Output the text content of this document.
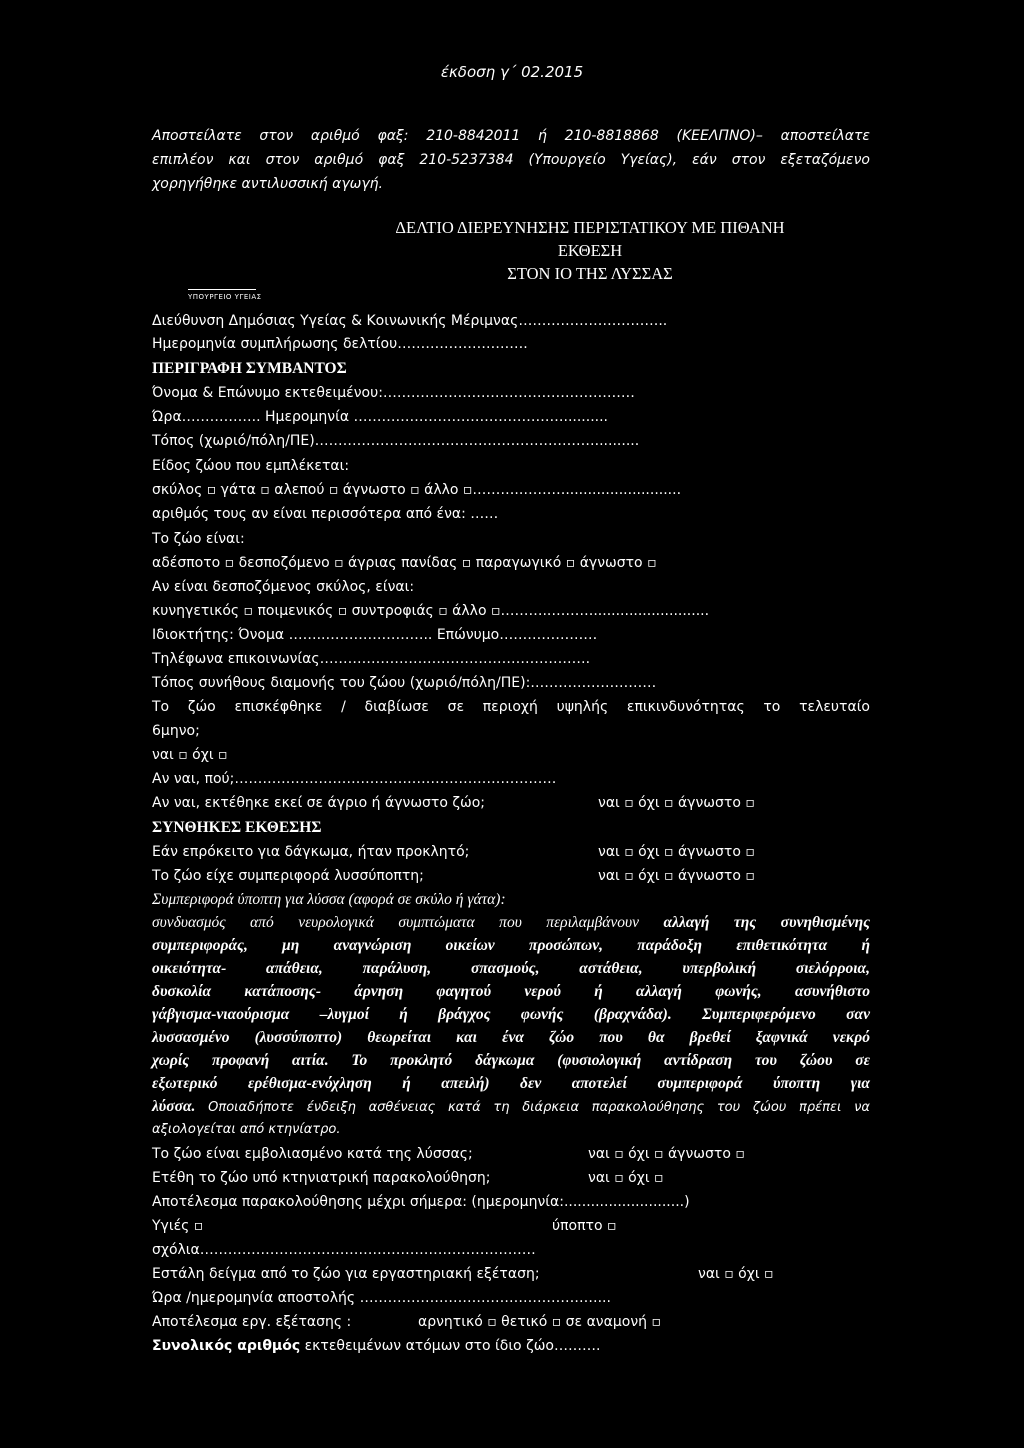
έκδοση γ΄ 02.2015
Αποστείλατε στον αριθμό φαξ: 210-8842011 ή 210-8818868 (ΚΕΕΛΠΝΟ)– αποστείλατε
επιπλέον και στον αριθμό φαξ 210-5237384 (Υπουργείο Υγείας), εάν στον εξεταζόμενο
χορηγήθηκε αντιλυσσική αγωγή.
ΔΕΛΤΙΟ ΔΙΕΡΕΥΝΗΣΗΣ ΠΕΡΙΣΤΑΤΙΚΟΥ ΜΕ ΠΙΘΑΝΗ
ΕΚΘΕΣΗ
ΣΤΟΝ ΙΟ ΤΗΣ ΛΥΣΣΑΣ
ΥΠΟΥΡΓΕΙΟ ΥΓΕΙΑΣ
Διεύθυνση Δημόσιας Υγείας & Κοινωνικής Μέριμνας…………………………..
Ημερομηνία συμπλήρωσης δελτίου……………………….
ΠΕΡΙΓΡΑΦΗ ΣΥΜΒΑΝΤΟΣ
Όνομα & Επώνυμο εκτεθειμένου:………………………………………………
Ώρα…………….. Ημερομηνία ………………………………………..........
Τόπος (χωριό/πόλη/ΠΕ)……………………………………………………..........
Είδος ζώου που εμπλέκεται:
σκύλος ▫ γάτα ▫ αλεπού ▫ άγνωστο ▫ άλλο ▫………..………..........................
αριθμός τους αν είναι περισσότερα από ένα: ……
Το ζώο είναι:
αδέσποτο ▫ δεσποζόμενο ▫ άγριας πανίδας ▫ παραγωγικό ▫ άγνωστο ▫
Αν είναι δεσποζόμενος σκύλος, είναι:
κυνηγετικός ▫ ποιμενικός ▫ συντροφιάς ▫ άλλο ▫………..………..........................
Ιδιοκτήτης: Όνομα ……..………………….. Επώνυμο…………………
Τηλέφωνα επικοινωνίας………………………………………………….
Τόπος συνήθους διαμονής του ζώου (χωριό/πόλη/ΠΕ):………………………
Το ζώο επισκέφθηκε / διαβίωσε σε περιοχή υψηλής επικινδυνότητας το τελευταίο
6μηνο;
ναι ▫ όχι ▫
Αν ναι, πού;……………………………………………………………
Αν ναι, εκτέθηκε εκεί σε άγριο ή άγνωστο ζώο;	ναι ▫ όχι ▫ άγνωστο ▫
ΣΥΝΘΗΚΕΣ ΕΚΘΕΣΗΣ
Εάν επρόκειτο για δάγκωμα, ήταν προκλητό;	ναι ▫ όχι ▫ άγνωστο ▫
Το ζώο είχε συμπεριφορά λυσσύποπτη;	ναι ▫ όχι ▫ άγνωστο ▫
Συμπεριφορά ύποπτη για λύσσα (αφορά σε σκύλο ή γάτα):
συνδυασμός από νευρολογικά συμπτώματα που περιλαμβάνουν αλλαγή της συνηθισμένης
συμπεριφοράς, μη αναγνώριση οικείων προσώπων, παράδοξη επιθετικότητα ή
οικειότητα- απάθεια, παράλυση, σπασμούς, αστάθεια, υπερβολική σιελόρροια,
δυσκολία κατάποσης- άρνηση φαγητού νερού ή αλλαγή φωνής, ασυνήθιστο
γάβγισμα-νιαούρισμα –λυγμοί ή βράγχος φωνής (βραχνάδα). Συμπεριφερόμενο σαν
λυσσασμένο (λυσσύποπτο) θεωρείται και ένα ζώο που θα βρεθεί ξαφνικά νεκρό
χωρίς προφανή αιτία. Το προκλητό δάγκωμα (φυσιολογική αντίδραση του ζώου σε
εξωτερικό ερέθισμα-ενόχληση ή απειλή) δεν αποτελεί συμπεριφορά ύποπτη για
λύσσα. Οποιαδήποτε ένδειξη ασθένειας κατά τη διάρκεια παρακολούθησης του ζώου πρέπει να
αξιολογείται από κτηνίατρο.
Το ζώο είναι εμβολιασμένο κατά της λύσσας;	ναι ▫ όχι ▫ άγνωστο ▫
Ετέθη το ζώο υπό κτηνιατρική παρακολούθηση;	ναι ▫ όχι ▫
Αποτέλεσμα παρακολούθησης μέχρι σήμερα: (ημερομηνία:...........................)
Υγιές ▫	ύποπτο ▫
σχόλια………………………………………………………………
Εστάλη δείγμα από το ζώο για εργαστηριακή εξέταση;	ναι ▫ όχι ▫
Ώρα /ημερομηνία αποστολής ……………………………………………...
Αποτέλεσμα εργ. εξέτασης :	αρνητικό ▫ θετικό ▫ σε αναμονή ▫
Συνολικός αριθμός εκτεθειμένων ατόμων στο ίδιο ζώο……….
